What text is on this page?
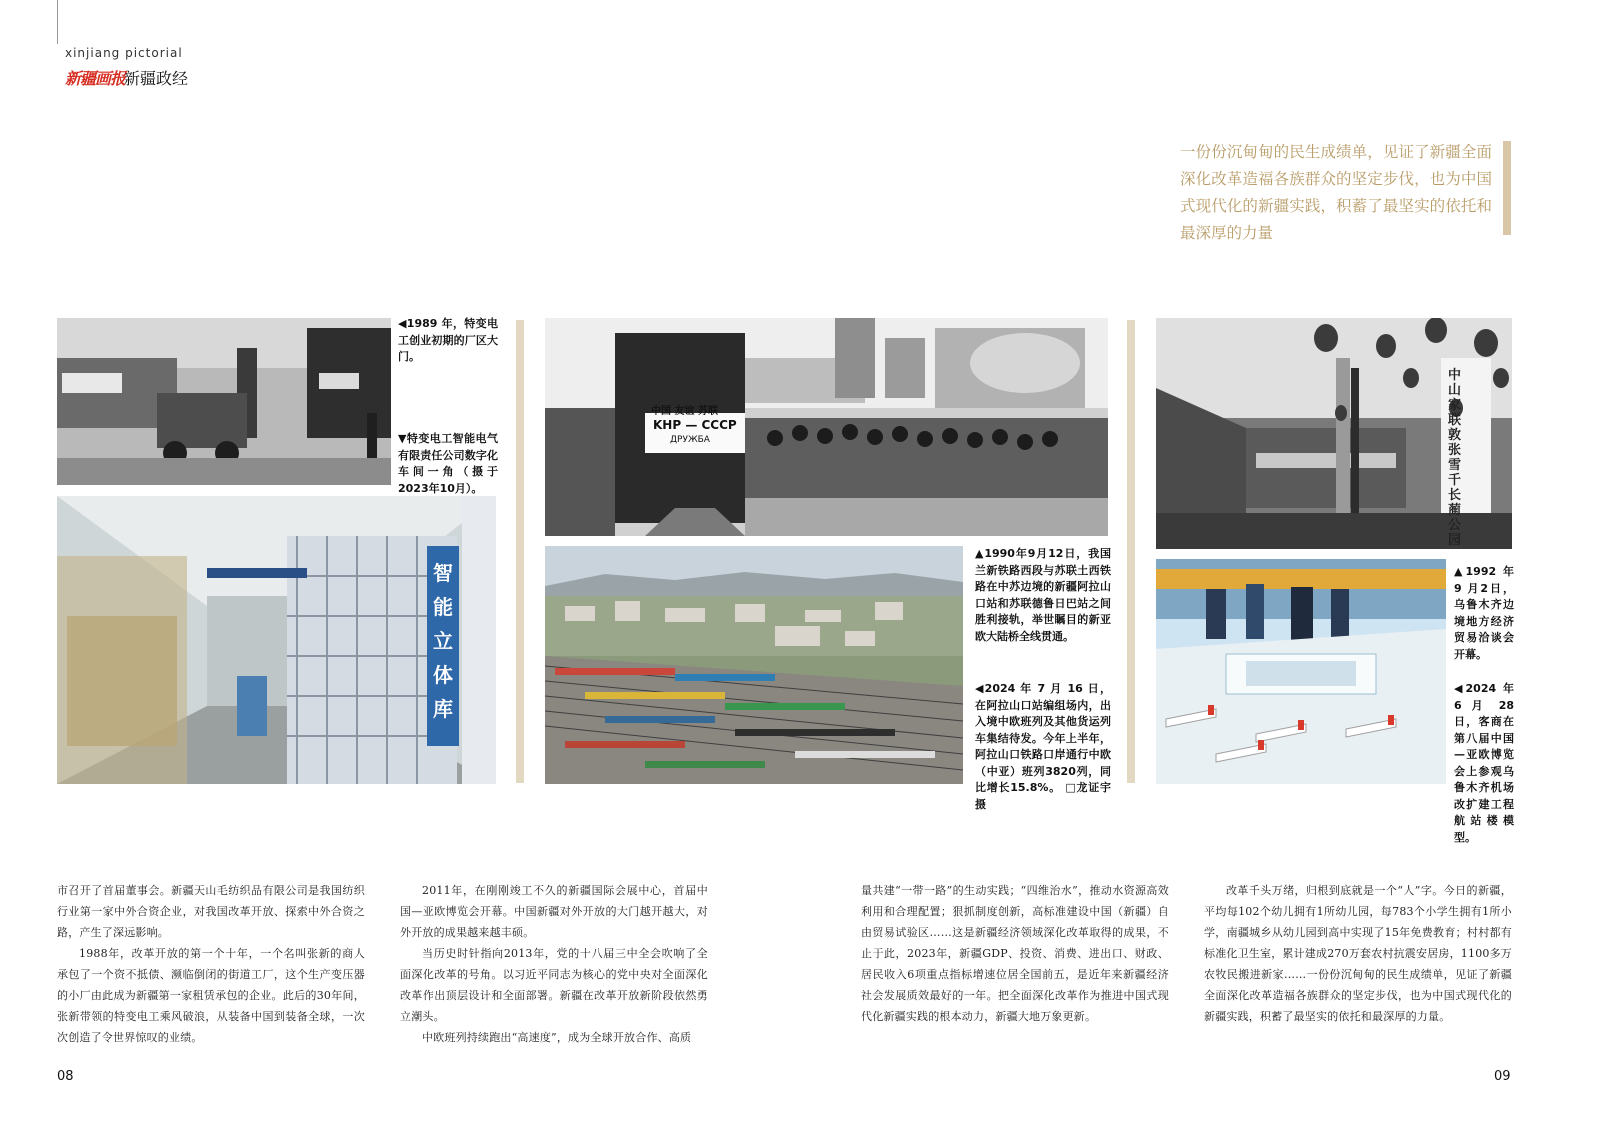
xinjiang pictorial
新疆画报
新疆政经
一份份沉甸甸的民生成绩单，见证了新疆全面深化改革造福各族群众的坚定步伐，也为中国式现代化的新疆实践，积蓄了最坚实的依托和最深厚的力量
◀1989 年，特变电工创业初期的厂区大门。
▼特变电工智能电气有限责任公司数字化车间一角（摄于2023年10月）。
智能立体库
中国 友谊 苏联
KHP — CCCP
ДРУЖБА
▲1990年9月12日，我国兰新铁路西段与苏联土西铁路在中苏边境的新疆阿拉山口站和苏联德鲁日巴站之间胜利接轨，举世瞩目的新亚欧大陆桥全线贯通。
◀2024 年 7 月 16 日，在阿拉山口站编组场内，出入境中欧班列及其他货运列车集结待发。今年上半年，阿拉山口铁路口岸通行中欧（中亚）班列3820列，同比增长15.8%。 □龙证宇摄
中山家联敦张雪千长蔺公园
▲1992 年 9 月2日，乌鲁木齐边境地方经济贸易洽谈会开幕。
◀2024 年 6 月 28 日，客商在第八届中国—亚欧博览会上参观乌鲁木齐机场改扩建工程航站楼模型。

市召开了首届董事会。新疆天山毛纺织品有限公司是我国纺织行业第一家中外合资企业，对我国改革开放、探索中外合资之路，产生了深远影响。

1988年，改革开放的第一个十年，一个名叫张新的商人承包了一个资不抵债、濒临倒闭的街道工厂，这个生产变压器的小厂由此成为新疆第一家租赁承包的企业。此后的30年间，张新带领的特变电工乘风破浪，从装备中国到装备全球，一次次创造了令世界惊叹的业绩。

2011年，在刚刚竣工不久的新疆国际会展中心，首届中国—亚欧博览会开幕。中国新疆对外开放的大门越开越大，对外开放的成果越来越丰硕。

当历史时针指向2013年，党的十八届三中全会吹响了全面深化改革的号角。以习近平同志为核心的党中央对全面深化改革作出顶层设计和全面部署。新疆在改革开放新阶段依然勇立潮头。

中欧班列持续跑出“高速度”，成为全球开放合作、高质

量共建“一带一路”的生动实践；“四维治水”，推动水资源高效利用和合理配置；狠抓制度创新，高标准建设中国（新疆）自由贸易试验区……这是新疆经济领域深化改革取得的成果，不止于此，2023年，新疆GDP、投资、消费、进出口、财政、居民收入6项重点指标增速位居全国前五，是近年来新疆经济社会发展质效最好的一年。把全面深化改革作为推进中国式现代化新疆实践的根本动力，新疆大地万象更新。

改革千头万绪，归根到底就是一个“人”字。今日的新疆，平均每102个幼儿拥有1所幼儿园，每783个小学生拥有1所小学，南疆城乡从幼儿园到高中实现了15年免费教育；村村都有标准化卫生室，累计建成270万套农村抗震安居房，1100多万农牧民搬进新家……一份份沉甸甸的民生成绩单，见证了新疆全面深化改革造福各族群众的坚定步伐，也为中国式现代化的新疆实践，积蓄了最坚实的依托和最深厚的力量。

08	09
